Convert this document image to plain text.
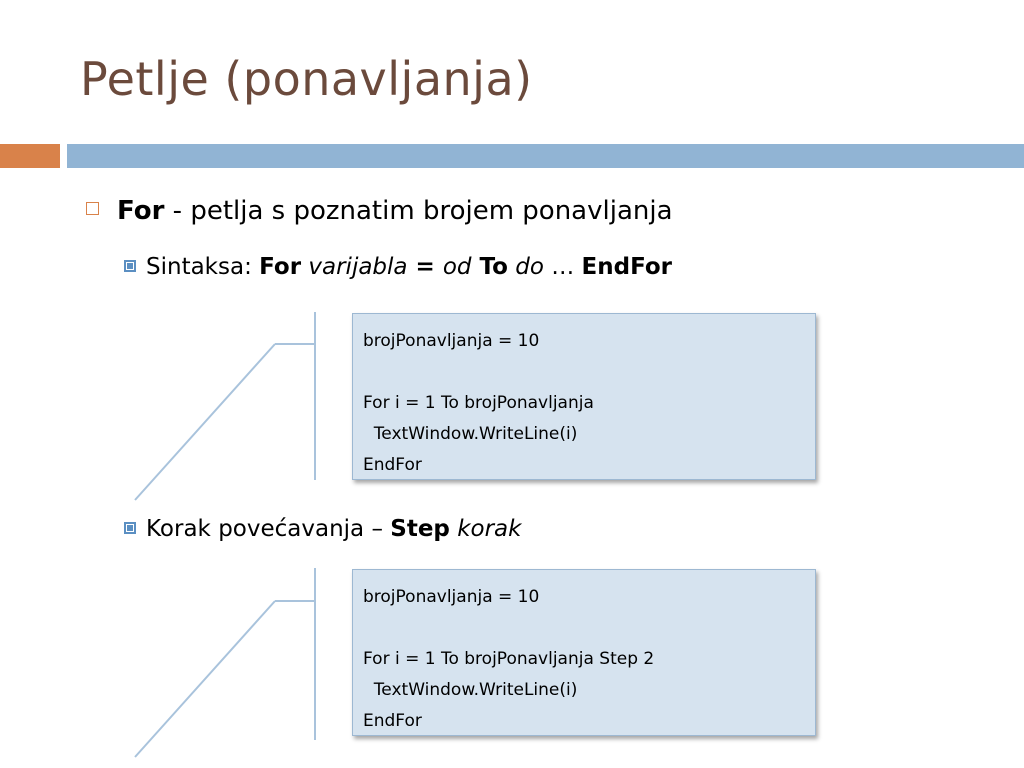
Petlje (ponavljanja)
For - petlja s poznatim brojem ponavljanja
Sintaksa: For varijabla = od To do … EndFor
Korak povećavanja – Step korak
brojPonavljanja = 10
For i = 1 To brojPonavljanja
TextWindow.WriteLine(i)
EndFor
brojPonavljanja = 10
For i = 1 To brojPonavljanja Step 2
TextWindow.WriteLine(i)
EndFor
